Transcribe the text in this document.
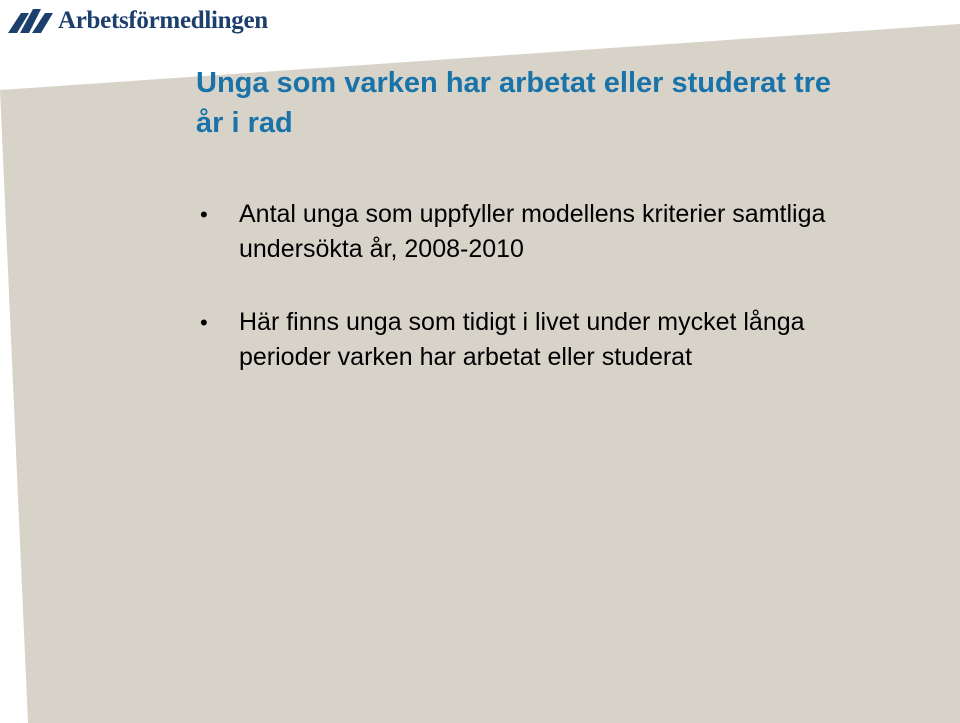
Arbetsförmedlingen
Unga som varken har arbetat eller studerat tre år i rad
• Antal unga som uppfyller modellens kriterier samtliga undersökta år, 2008-2010
• Här finns unga som tidigt i livet under mycket långa perioder varken har arbetat eller studerat
